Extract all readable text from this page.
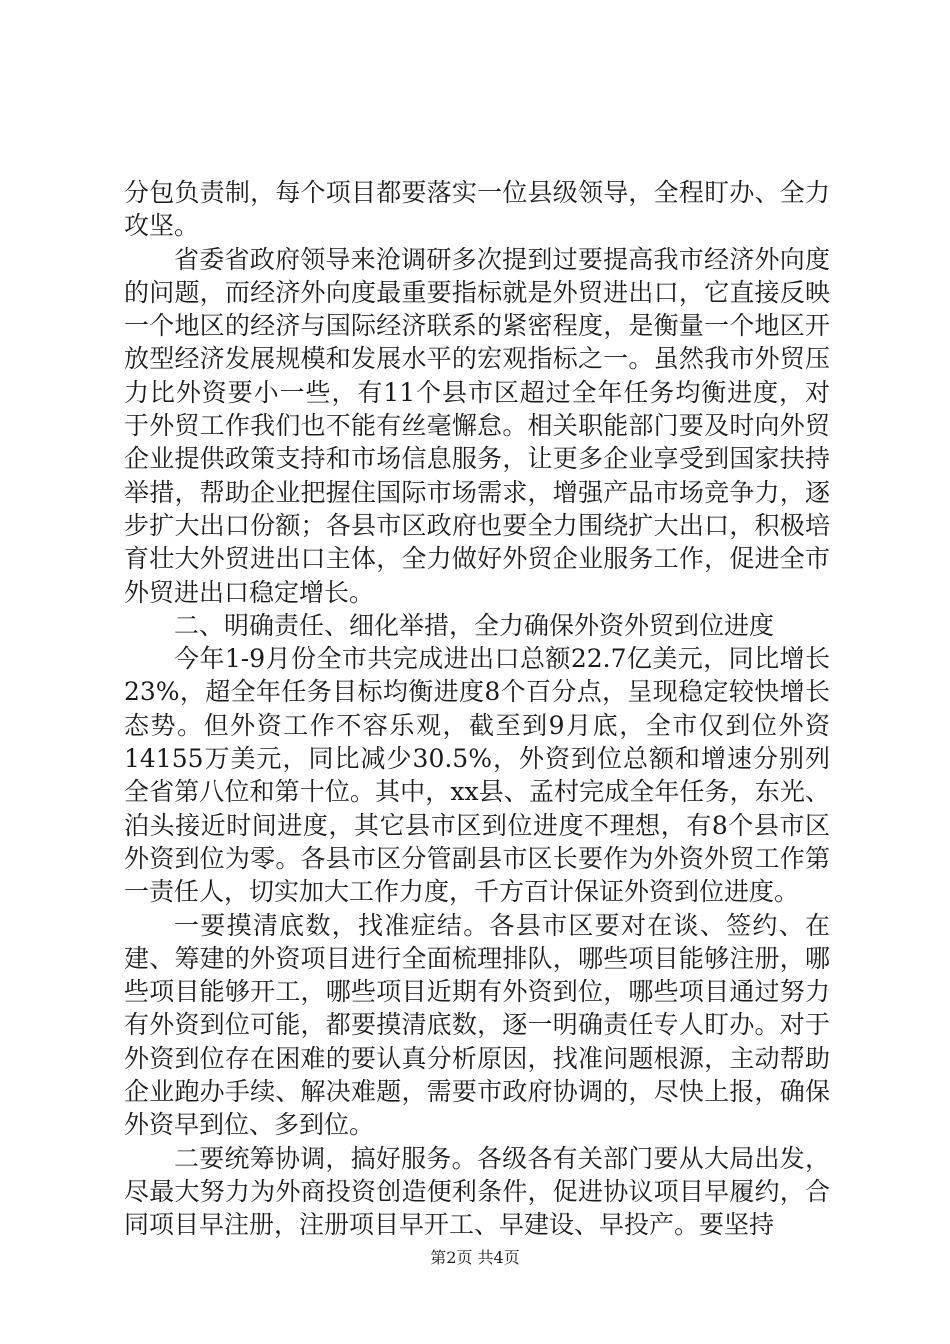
分包负责制，每个项目都要落实一位县级领导，全程盯办、全力攻坚。

省委省政府领导来沧调研多次提到过要提高我市经济外向度的问题，而经济外向度最重要指标就是外贸进出口，它直接反映一个地区的经济与国际经济联系的紧密程度，是衡量一个地区开放型经济发展规模和发展水平的宏观指标之一。虽然我市外贸压力比外资要小一些，有11个县市区超过全年任务均衡进度，对于外贸工作我们也不能有丝毫懈怠。相关职能部门要及时向外贸企业提供政策支持和市场信息服务，让更多企业享受到国家扶持举措，帮助企业把握住国际市场需求，增强产品市场竞争力，逐步扩大出口份额；各县市区政府也要全力围绕扩大出口，积极培育壮大外贸进出口主体，全力做好外贸企业服务工作，促进全市外贸进出口稳定增长。

二、明确责任、细化举措，全力确保外资外贸到位进度

今年1-9月份全市共完成进出口总额22.7亿美元，同比增长23%，超全年任务目标均衡进度8个百分点，呈现稳定较快增长态势。但外资工作不容乐观，截至到9月底，全市仅到位外资14155万美元，同比减少30.5%，外资到位总额和增速分别列全省第八位和第十位。其中，xx县、孟村完成全年任务，东光、泊头接近时间进度，其它县市区到位进度不理想，有8个县市区外资到位为零。各县市区分管副县市区长要作为外资外贸工作第一责任人，切实加大工作力度，千方百计保证外资到位进度。

一要摸清底数，找准症结。各县市区要对在谈、签约、在建、筹建的外资项目进行全面梳理排队，哪些项目能够注册，哪些项目能够开工，哪些项目近期有外资到位，哪些项目通过努力有外资到位可能，都要摸清底数，逐一明确责任专人盯办。对于外资到位存在困难的要认真分析原因，找准问题根源，主动帮助企业跑办手续、解决难题，需要市政府协调的，尽快上报，确保外资早到位、多到位。

二要统筹协调，搞好服务。各级各有关部门要从大局出发，尽最大努力为外商投资创造便利条件，促进协议项目早履约，合同项目早注册，注册项目早开工、早建设、早投产。要坚持

第2页 共4页
